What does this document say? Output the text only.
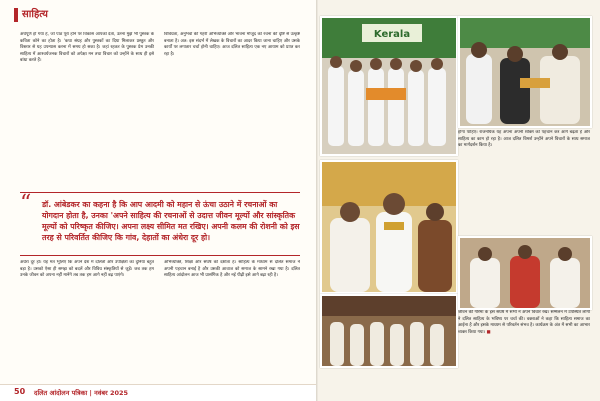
साहित्य
अर्थपूर्ण हो गया है, जो पाठ पूरा होने पर विकास आपको देता, उतना मुझे भी पुस्तक के कविता कोने का होता है। 'कथा संग्रह और पुस्तकों का दिया मिलाकर प्रस्तुत और विस्तार से यह उपन्यास करना में समय हो सका है। जहां रहकर के पुस्तक प्रेम उनकी साहित्य में आश्चर्यजनक विचारों को अपेक्षा मन तथा विचार को उन्होंने के साथ ही इसे बांधा करते हैं।
विविधता, अनुभवों की गहरी अभिव्यक्ति और भावना मौजूद को रचना की दृष्टि से उत्कृष्ट बनाता है। अत: इस संदर्भ में लेखक के विचारों का आदर किया जाना चाहिए और उसके कार्यों पर लगातार चर्चा होनी चाहिए। आज दलित साहित्य एक नए आयाम को प्राप्त कर रहा है।
“ डॉ. आंबेडकर का कहना है कि आप आदमी को महान से ऊंचा उठाने में रचनाओं का योगदान होता है, उनका 'अपने साहित्य की रचनाओं से उदात्त जीवन मूल्यों और सांस्कृतिक मूल्यों को परिष्कृत कीजिए। अपना लक्ष्य सीमित मत रखिए। अपनी कलम की रोशनी को इस तरह से परिवर्तित कीजिए कि गांव, देहातों का अंधेरा दूर हो।
अंधेरा दूर हो। यह मत भूलिए कि अपने देश में दलितों और उपेक्षितों का दुनिया बहुत बड़ा है। उसको ऐसा ही समझ को बदलें और विविध संस्कृतियों से जुड़ें। जब तक हम उनके जीवन को अपना नहीं मानेंगे तब तक हम आगे नहीं बढ़ पाएंगे।
अभिव्यक्ति, शिक्षा और संघर्ष को दर्शाता है। साहित्य के माध्यम से दलित समाज ने अपनी पहचान बनाई है और उसकी आवाज को समाज के सामने रखा गया है। दलित साहित्य आंदोलन आज भी प्रासंगिक है और नई पीढ़ी इसे आगे बढ़ा रही है।
50 दलित आंदोलन पत्रिका | नवंबर 2025
Kerala
होगा पाहिए। राजनयिक यह अपना अपनी शक्ति को पहचान कर आगे बढ़ता है और साहित्य का काम हो रहा है। आज दलित विमर्श उन्होंने अपने विचारों के साथ समाज का मार्गदर्शन किया है।
जीवन की गरिमा के इस संघर्ष में सभी ने अपने विचार रखे। सम्मेलन में उपस्थित लोगों ने दलित साहित्य के भविष्य पर चर्चा की। वक्ताओं ने कहा कि साहित्य समाज का आईना है और इसके माध्यम से परिवर्तन संभव है। कार्यक्रम के अंत में सभी का आभार व्यक्त किया गया। ■
